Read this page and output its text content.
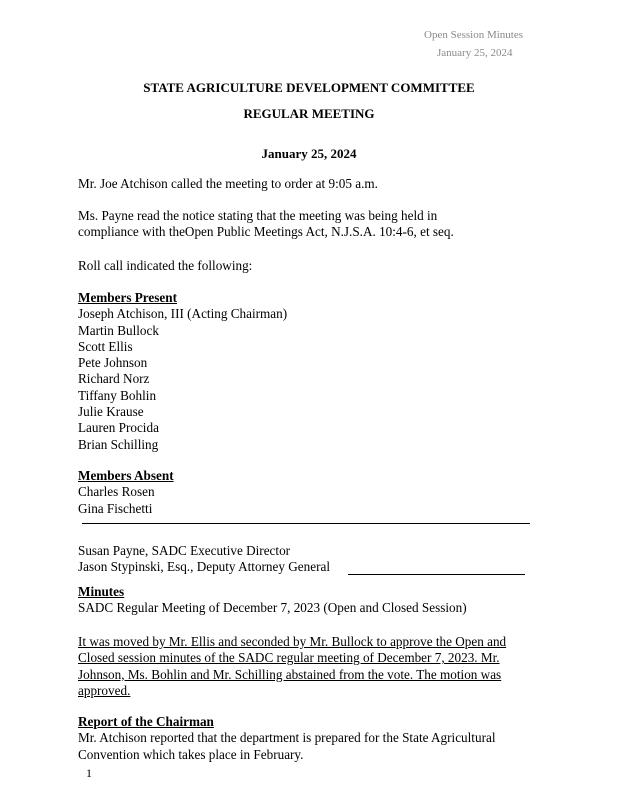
Open Session Minutes
January 25, 2024
STATE AGRICULTURE DEVELOPMENT COMMITTEE
REGULAR MEETING
January 25, 2024
Mr. Joe Atchison called the meeting to order at 9:05 a.m.
Ms. Payne read the notice stating that the meeting was being held in
compliance with theOpen Public Meetings Act, N.J.S.A. 10:4-6, et seq.
Roll call indicated the following:
Members Present
Joseph Atchison, III (Acting Chairman)
Martin Bullock
Scott Ellis
Pete Johnson
Richard Norz
Tiffany Bohlin
Julie Krause
Lauren Procida
Brian Schilling
Members Absent
Charles Rosen
Gina Fischetti
Susan Payne, SADC Executive Director
Jason Stypinski, Esq., Deputy Attorney General
Minutes
SADC Regular Meeting of December 7, 2023 (Open and Closed Session)
It was moved by Mr. Ellis and seconded by Mr. Bullock to approve the Open and
Closed session minutes of the SADC regular meeting of December 7, 2023. Mr.
Johnson, Ms. Bohlin and Mr. Schilling abstained from the vote. The motion was
approved.
Report of the Chairman
Mr. Atchison reported that the department is prepared for the State Agricultural
Convention which takes place in February.
1
